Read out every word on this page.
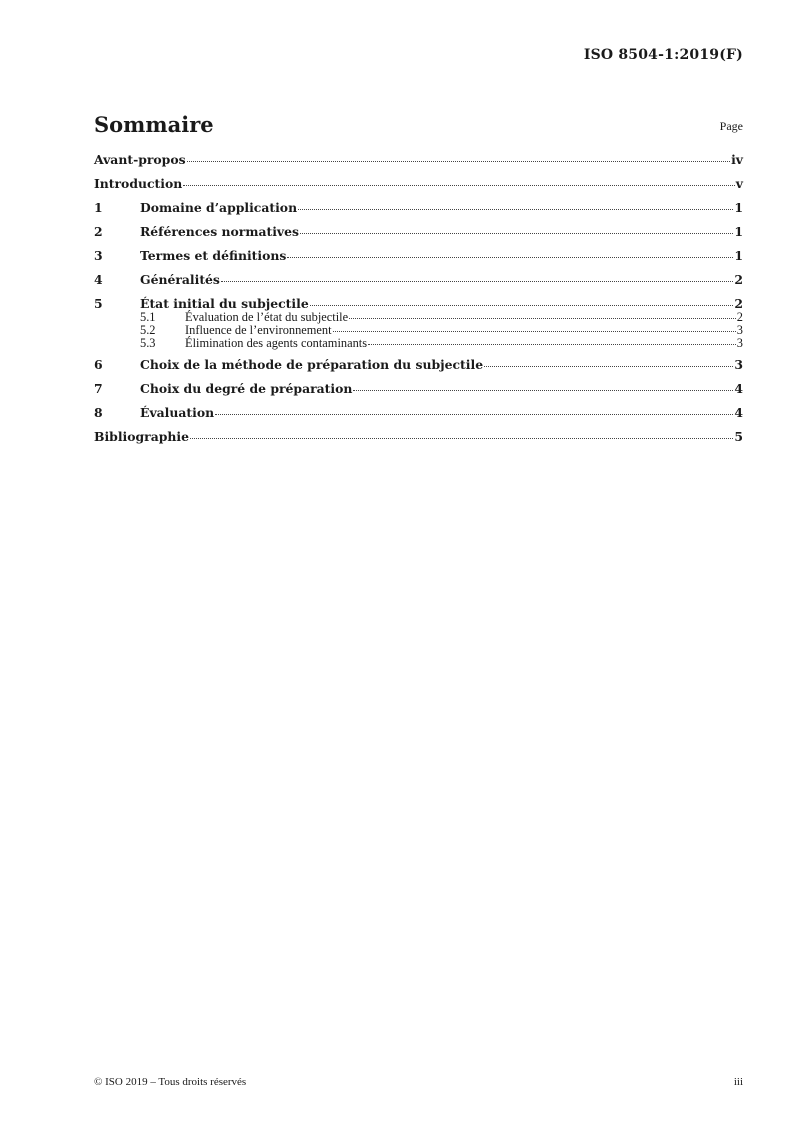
ISO 8504-1:2019(F)
Sommaire	Page
Avant-propos	iv
Introduction	v
1	Domaine d’application	1
2	Références normatives	1
3	Termes et définitions	1
4	Généralités	2
5	État initial du subjectile	2
5.1	Évaluation de l’état du subjectile	2
5.2	Influence de l’environnement	3
5.3	Élimination des agents contaminants	3
6	Choix de la méthode de préparation du subjectile	3
7	Choix du degré de préparation	4
8	Évaluation	4
Bibliographie	5
© ISO 2019 – Tous droits réservés	iii
